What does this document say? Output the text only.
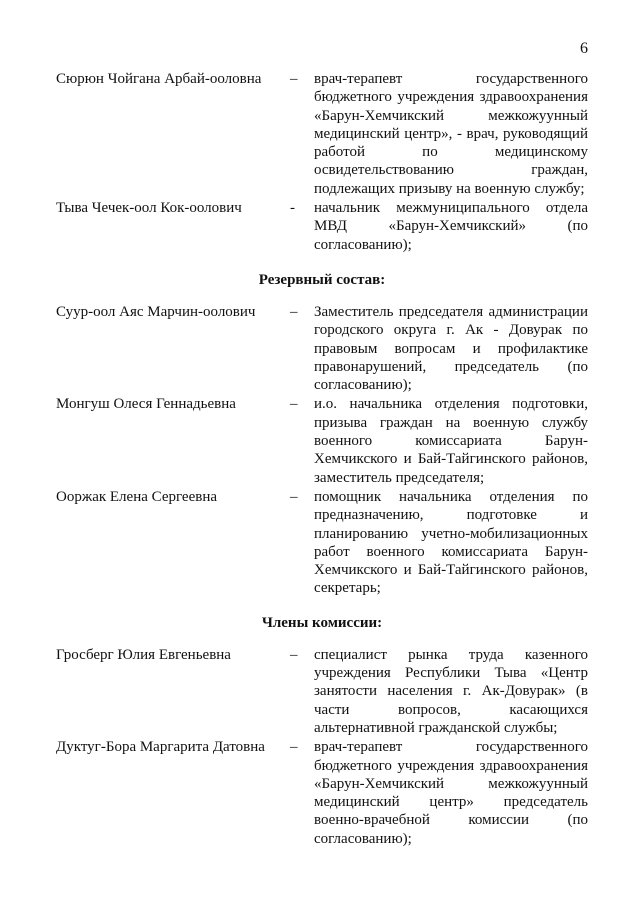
6
Сюрюн Чойгана Арбай-ооловна	–	врач-терапевт государственного бюджетного учреждения здравоохранения «Барун-Хемчикский межкожуунный медицинский центр», - врач, руководящий работой по медицинскому освидетельствованию граждан, подлежащих призыву на военную службу;
Тыва Чечек-оол Кок-оолович	-	начальник межмуниципального отдела МВД «Барун-Хемчикский» (по согласованию);
Резервный состав:
Суур-оол Аяс Марчин-оолович	–	Заместитель председателя администрации городского округа г. Ак - Довурак по правовым вопросам и профилактике правонарушений, председатель (по согласованию);
Монгуш Олеся Геннадьевна	–	и.о. начальника отделения подготовки, призыва граждан на военную службу военного комиссариата Барун-Хемчикского и Бай-Тайгинского районов, заместитель председателя;
Ооржак Елена Сергеевна	–	помощник начальника отделения по предназначению, подготовке и планированию учетно-мобилизационных работ военного комиссариата Барун-Хемчикского и Бай-Тайгинского районов, секретарь;
Члены комиссии:
Гросберг Юлия Евгеньевна	–	специалист рынка труда казенного учреждения Республики Тыва «Центр занятости населения г. Ак-Довурак» (в части вопросов, касающихся альтернативной гражданской службы;
Дуктуг-Бора Маргарита Датовна	–	врач-терапевт государственного бюджетного учреждения здравоохранения «Барун-Хемчикский межкожуунный медицинский центр» председатель военно-врачебной комиссии (по согласованию);
